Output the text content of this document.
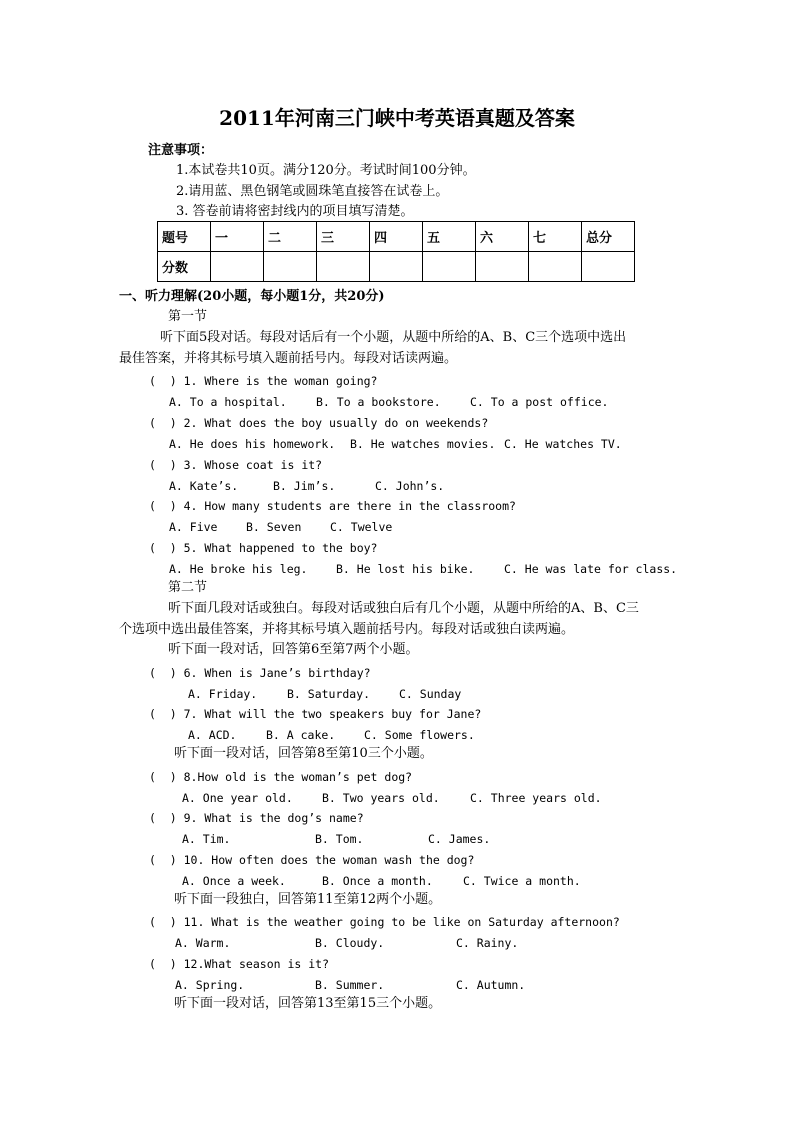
2011年河南三门峡中考英语真题及答案
注意事项：
1.本试卷共10页。满分120分。考试时间100分钟。
2.请用蓝、黑色钢笔或圆珠笔直接答在试卷上。
3. 答卷前请将密封线内的项目填写清楚。
题号	一	二	三	四	五	六	七	总分
分数								
一、听力理解(20小题，每小题1分，共20分)
第一节
听下面5段对话。每段对话后有一个小题，从题中所给的A、B、C三个选项中选出
最佳答案，并将其标号填入题前括号内。每段对话读两遍。
(  ) 1. Where is the woman going?
A. To a hospital.	B. To a bookstore.	C. To a post office.
(  ) 2. What does the boy usually do on weekends?
A. He does his homework. B. He watches movies. C. He watches TV.
(  ) 3. Whose coat is it?
A. Kate’s.	B. Jim’s.	C. John’s.
(  ) 4. How many students are there in the classroom?
A. Five B. Seven C. Twelve
(  ) 5. What happened to the boy?
A. He broke his leg. B. He lost his bike.	C. He was late for class.
第二节
听下面几段对话或独白。每段对话或独白后有几个小题，从题中所给的A、B、C三
个选项中选出最佳答案，并将其标号填入题前括号内。每段对话或独白读两遍。
听下面一段对话，回答第6至第7两个小题。
(  ) 6. When is Jane’s birthday?
A. Friday.	B. Saturday.	C. Sunday
(  ) 7. What will the two speakers buy for Jane?
A. ACD.	B. A cake.	C. Some flowers.
听下面一段对话，回答第8至第10三个小题。
(  ) 8.How old is the woman’s pet dog?
A. One year old.	B. Two years old.	C. Three years old.
(  ) 9. What is the dog’s name?
A. Tim.	B. Tom.	C. James.
(  ) 10. How often does the woman wash the dog?
A. Once a week.	B. Once a month.	C. Twice a month.
听下面一段独白，回答第11至第12两个小题。
(  ) 11. What is the weather going to be like on Saturday afternoon?
A. Warm.	B. Cloudy.	C. Rainy.
(  ) 12.What season is it?
A. Spring.	B. Summer.	C. Autumn.
听下面一段对话，回答第13至第15三个小题。
